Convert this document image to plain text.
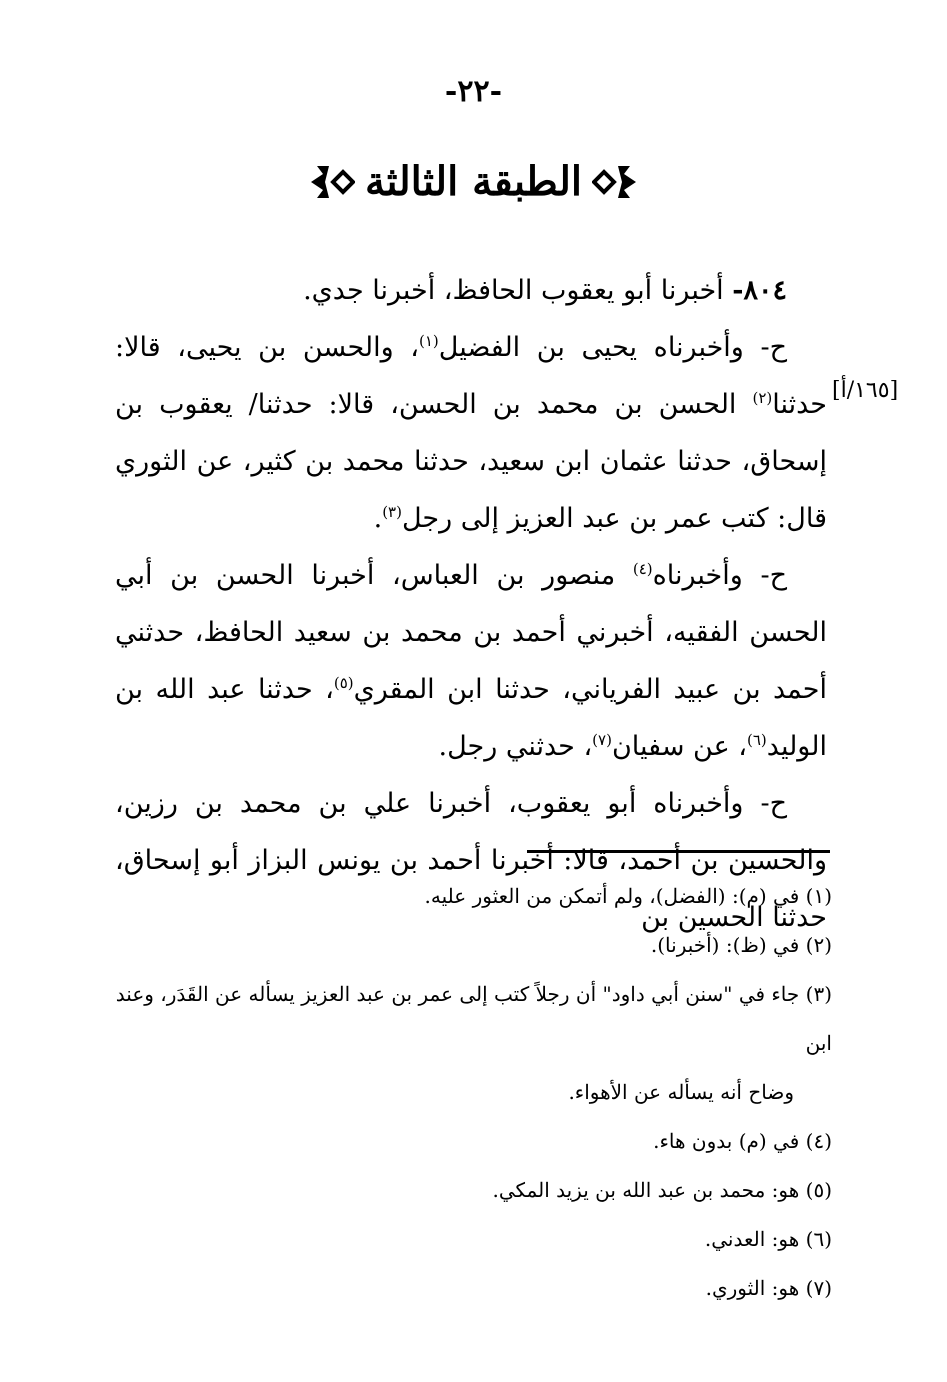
-٢٢-
الطبقة الثالثة
[١٦٥/أ]

٨٠٤- أخبرنا أبو يعقوب الحافظ، أخبرنا جدي.

ح- وأخبرناه يحيى بن الفضيل$^{(١)}$، والحسن بن يحيى، قالا: حدثنا$^{(٢)}$ الحسن بن محمد بن الحسن، قالا: حدثنا/ يعقوب بن إسحاق، حدثنا عثمان ابن سعيد، حدثنا محمد بن كثير، عن الثوري قال: كتب عمر بن عبد العزيز إلى رجل$^{(٣)}$.

ح- وأخبرناه$^{(٤)}$ منصور بن العباس، أخبرنا الحسن بن أبي الحسن الفقيه، أخبرني أحمد بن محمد بن سعيد الحافظ، حدثني أحمد بن عبيد الفرياني، حدثنا ابن المقري$^{(٥)}$، حدثنا عبد الله بن الوليد$^{(٦)}$، عن سفيان$^{(٧)}$، حدثني رجل.

ح- وأخبرناه أبو يعقوب، أخبرنا علي بن محمد بن رزين، والحسين بن أحمد، قالا: أخبرنا أحمد بن يونس البزاز أبو إسحاق، حدثنا الحسين بن

(١) في (م): (الفضل)، ولم أتمكن من العثور عليه.

(٢) في (ظ): (أخبرنا).

(٣) جاء في "سنن أبي داود" أن رجلاً كتب إلى عمر بن عبد العزيز يسأله عن القَدَر، وعند ابن

وضاح أنه يسأله عن الأهواء.

(٤) في (م) بدون هاء.

(٥) هو: محمد بن عبد الله بن يزيد المكي.

(٦) هو: العدني.

(٧) هو: الثوري.
